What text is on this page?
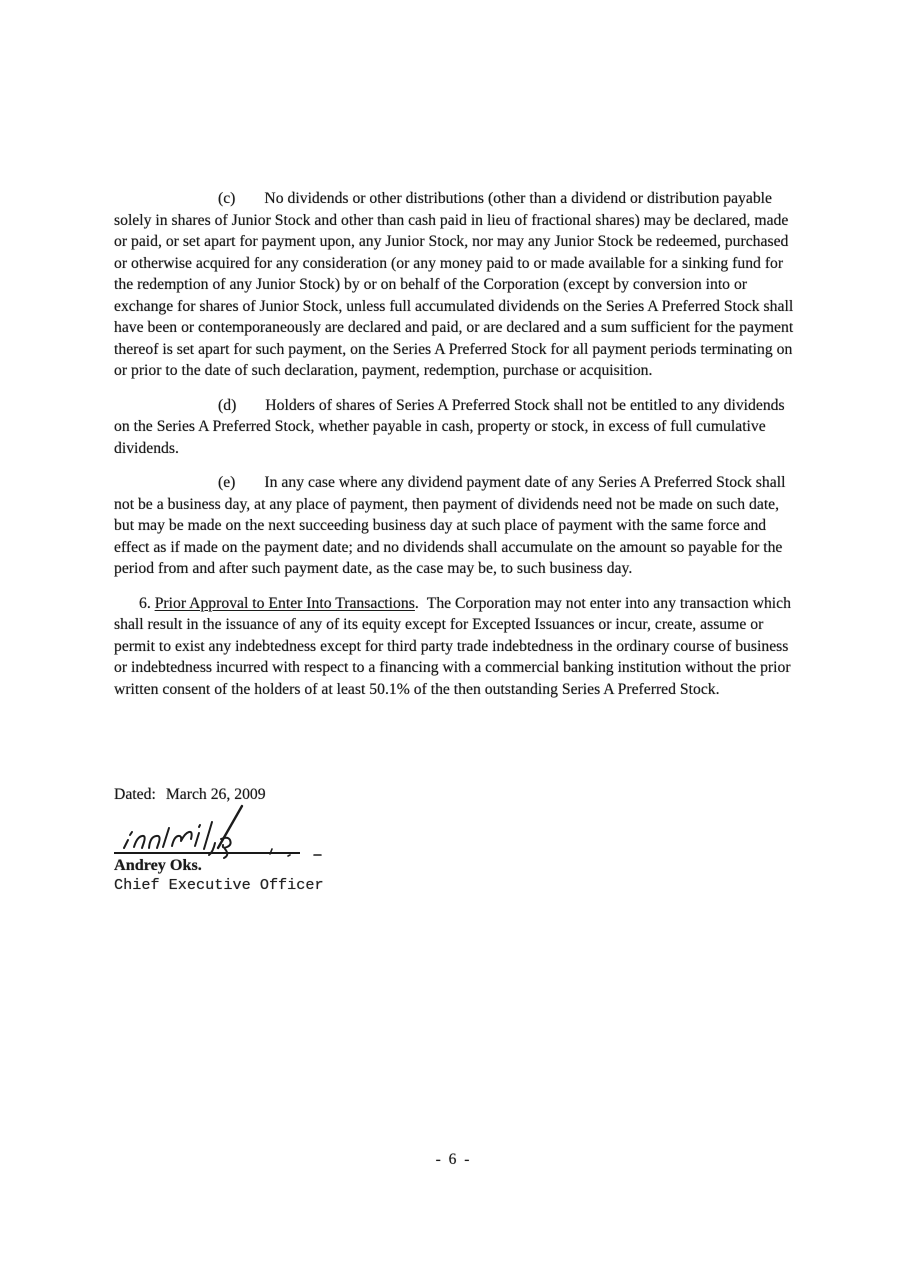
(c) No dividends or other distributions (other than a dividend or distribution payable solely in shares of Junior Stock and other than cash paid in lieu of fractional shares) may be declared, made or paid, or set apart for payment upon, any Junior Stock, nor may any Junior Stock be redeemed, purchased or otherwise acquired for any consideration (or any money paid to or made available for a sinking fund for the redemption of any Junior Stock) by or on behalf of the Corporation (except by conversion into or exchange for shares of Junior Stock, unless full accumulated dividends on the Series A Preferred Stock shall have been or contemporaneously are declared and paid, or are declared and a sum sufficient for the payment thereof is set apart for such payment, on the Series A Preferred Stock for all payment periods terminating on or prior to the date of such declaration, payment, redemption, purchase or acquisition.

(d) Holders of shares of Series A Preferred Stock shall not be entitled to any dividends on the Series A Preferred Stock, whether payable in cash, property or stock, in excess of full cumulative dividends.

(e) In any case where any dividend payment date of any Series A Preferred Stock shall not be a business day, at any place of payment, then payment of dividends need not be made on such date, but may be made on the next succeeding business day at such place of payment with the same force and effect as if made on the payment date; and no dividends shall accumulate on the amount so payable for the period from and after such payment date, as the case may be, to such business day.

6. Prior Approval to Enter Into Transactions. The Corporation may not enter into any transaction which shall result in the issuance of any of its equity except for Excepted Issuances or incur, create, assume or permit to exist any indebtedness except for third party trade indebtedness in the ordinary course of business or indebtedness incurred with respect to a financing with a commercial banking institution without the prior written consent of the holders of at least 50.1% of the then outstanding Series A Preferred Stock.

Dated: March 26, 2009
Andrey Oks.
Chief Executive Officer
- 6 -
